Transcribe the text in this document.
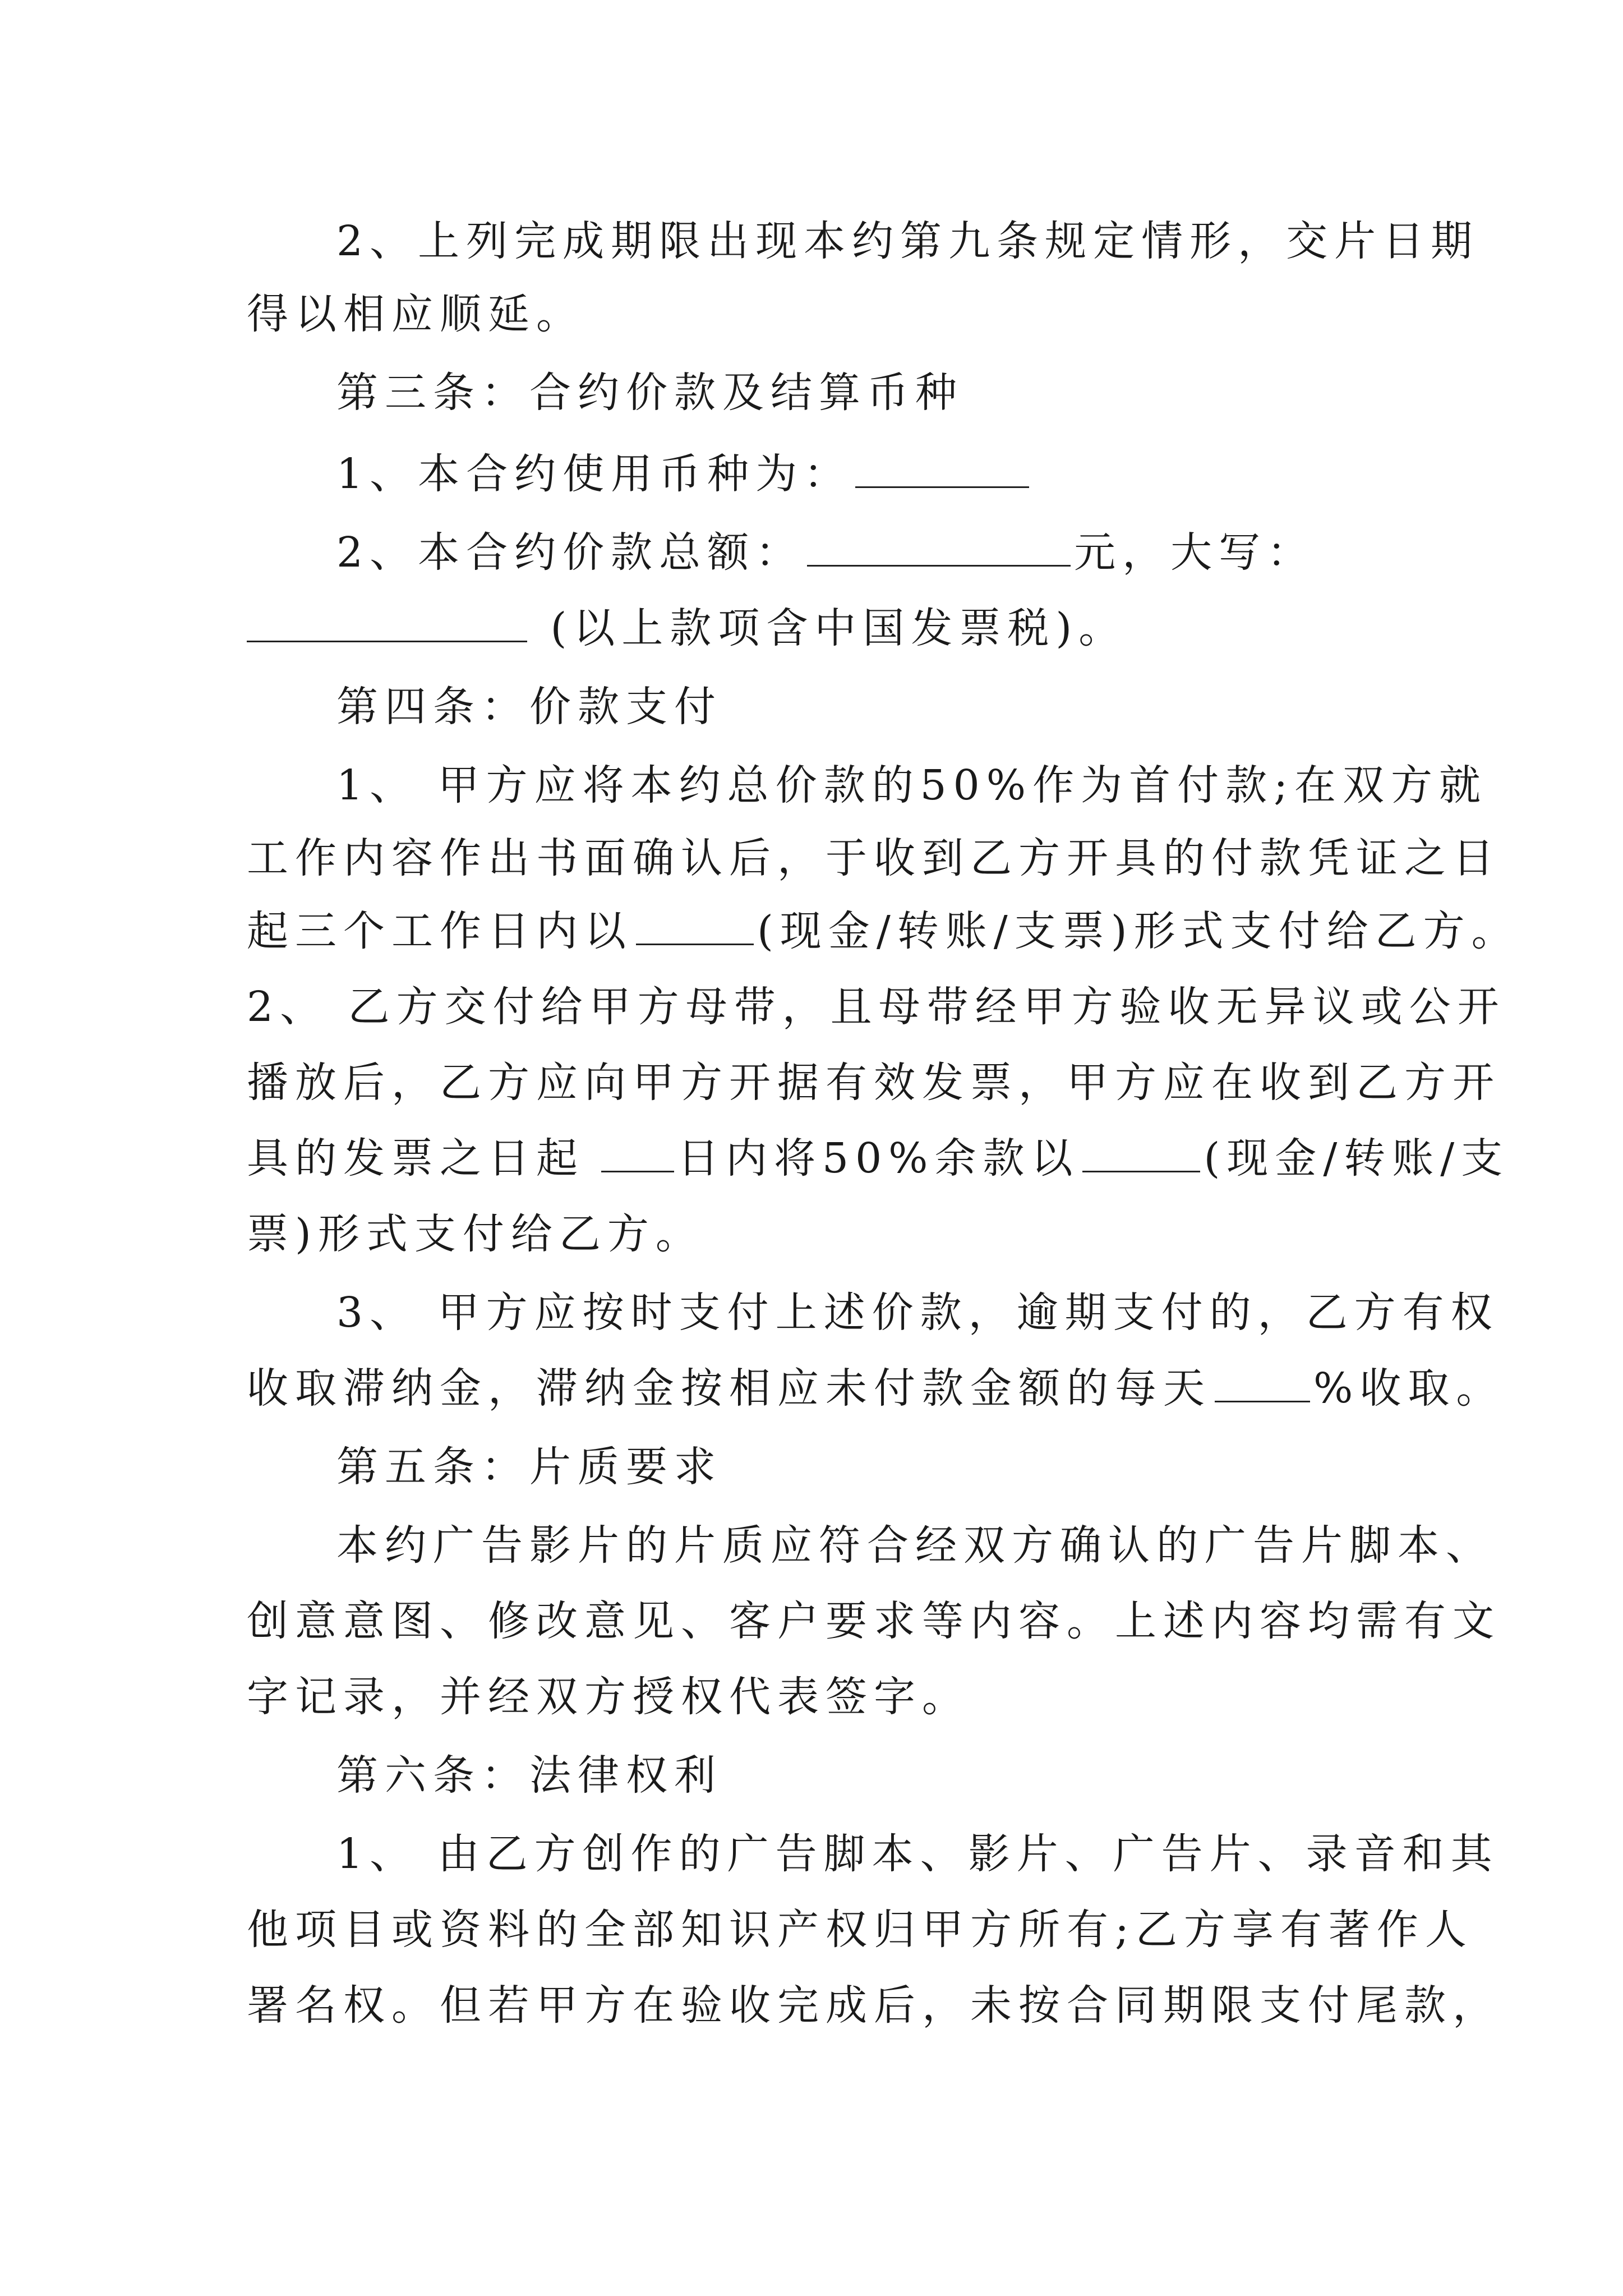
2、上列完成期限出现本约第九条规定情形，交片日期
得以相应顺延。
第三条：合约价款及结算币种
1、本合约使用币种为：
2、本合约价款总额：	元，大写：
(以上款项含中国发票税)。
第四条：价款支付
1、 甲方应将本约总价款的50%作为首付款;在双方就
工作内容作出书面确认后，于收到乙方开具的付款凭证之日
起三个工作日内以	(现金/转账/支票)形式支付给乙方。
2、 乙方交付给甲方母带，且母带经甲方验收无异议或公开
播放后，乙方应向甲方开据有效发票，甲方应在收到乙方开
具的发票之日起 日内将50%余款以	(现金/转账/支
票)形式支付给乙方。
3、 甲方应按时支付上述价款，逾期支付的，乙方有权
收取滞纳金，滞纳金按相应未付款金额的每天 %收取。
第五条：片质要求
本约广告影片的片质应符合经双方确认的广告片脚本、
创意意图、修改意见、客户要求等内容。上述内容均需有文
字记录，并经双方授权代表签字。
第六条：法律权利
1、 由乙方创作的广告脚本、影片、广告片、录音和其
他项目或资料的全部知识产权归甲方所有;乙方享有著作人
署名权。但若甲方在验收完成后，未按合同期限支付尾款，
